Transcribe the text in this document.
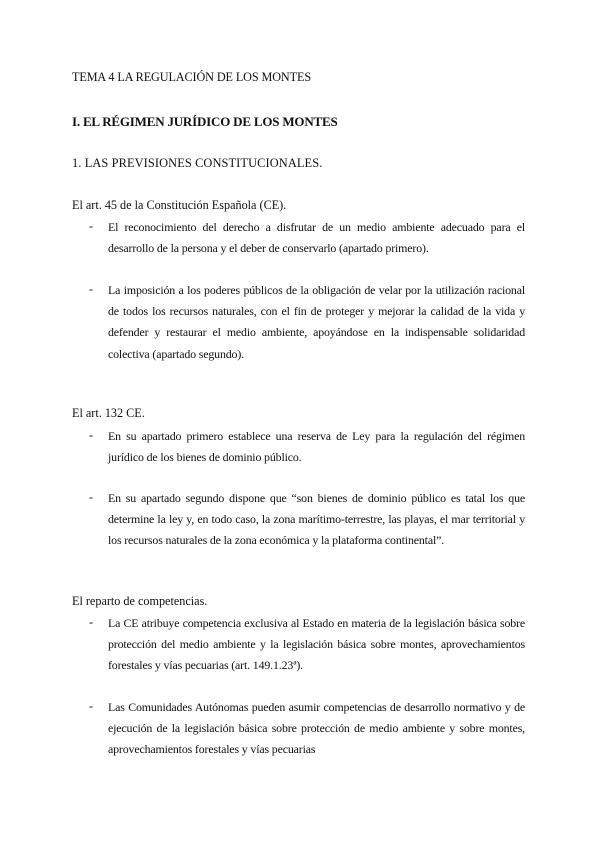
TEMA 4 LA REGULACIÓN DE LOS MONTES
I. EL RÉGIMEN JURÍDICO DE LOS MONTES
1. LAS PREVISIONES CONSTITUCIONALES.
El art. 45 de la Constitución Española (CE).
-	El reconocimiento del derecho a disfrutar de un medio ambiente adecuado para el desarrollo de la persona y el deber de conservarlo (apartado primero).
-	La imposición a los poderes públicos de la obligación de velar por la utilización racional de todos los recursos naturales, con el fin de proteger y mejorar la calidad de la vida y defender y restaurar el medio ambiente, apoyándose en la indispensable solidaridad colectiva (apartado segundo).
El art. 132 CE.
-	En su apartado primero establece una reserva de Ley para la regulación del régimen jurídico de los bienes de dominio público.
-	En su apartado segundo dispone que “son bienes de dominio público es tatal los que determine la ley y, en todo caso, la zona marítimo-terrestre, las playas, el mar territorial y los recursos naturales de la zona económica y la plataforma continental”.
El reparto de competencias.
-	La CE atribuye competencia exclusiva al Estado en materia de la legislación básica sobre protección del medio ambiente y la legislación básica sobre montes, aprovechamientos forestales y vías pecuarias (art. 149.1.23ª).
-	Las Comunidades Autónomas pueden asumir competencias de desarrollo normativo y de ejecución de la legislación básica sobre protección de medio ambiente y sobre montes, aprovechamientos forestales y vías pecuarias
